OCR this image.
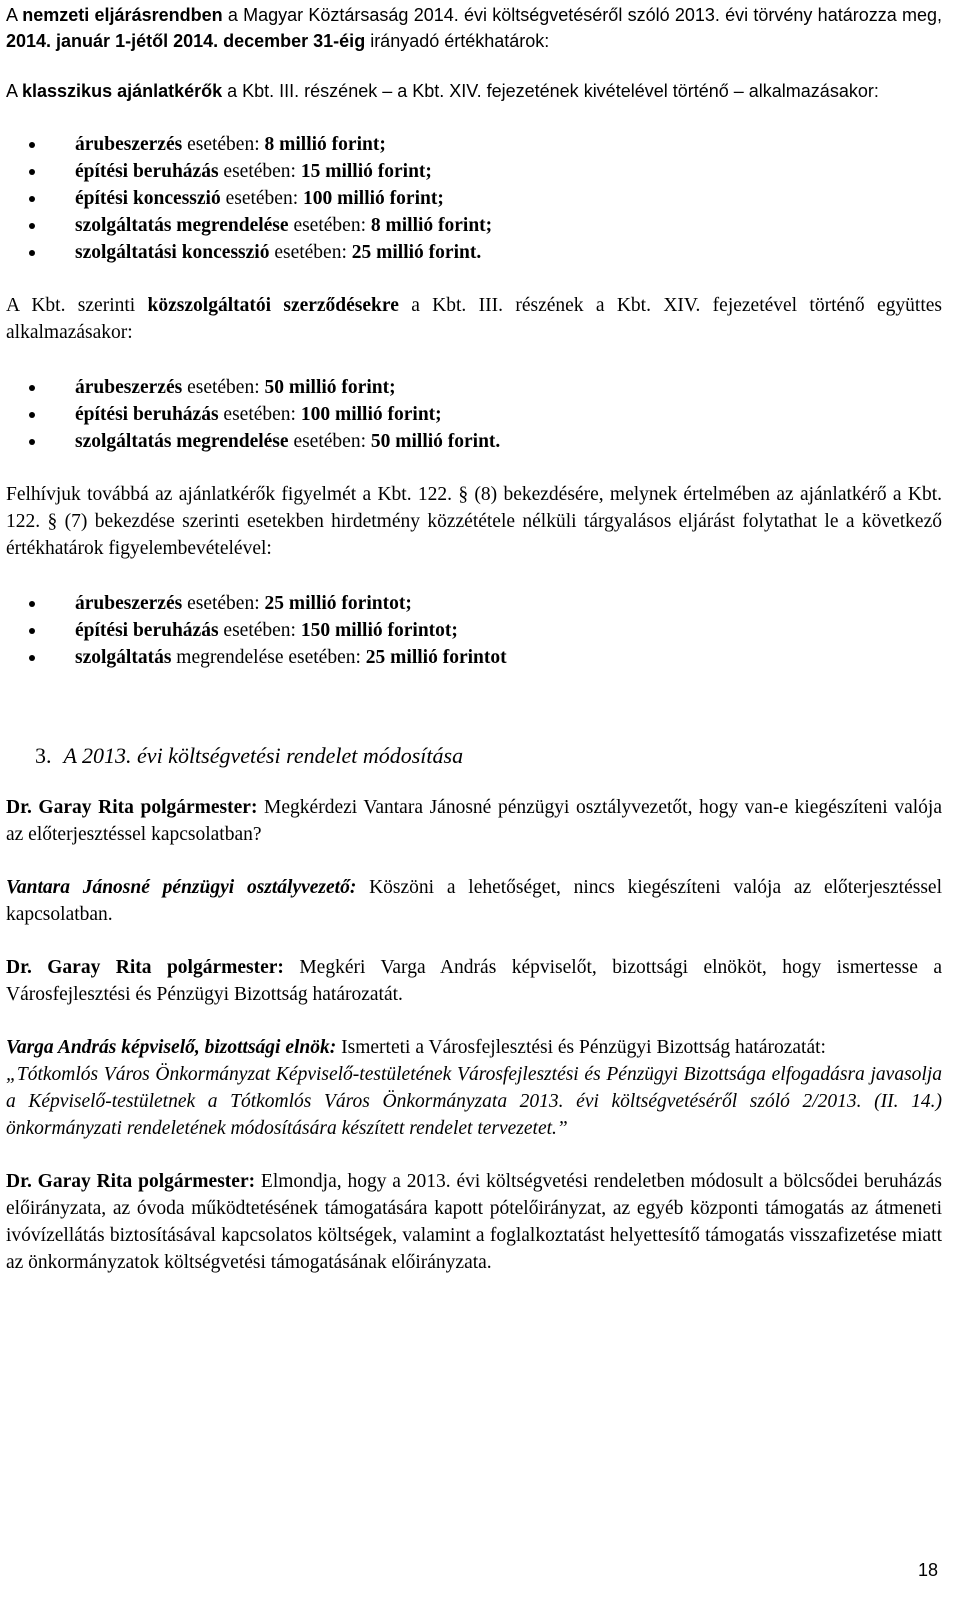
A nemzeti eljárásrendben a Magyar Köztársaság 2014. évi költségvetéséről szóló 2013. évi törvény határozza meg, 2014. január 1-jétől 2014. december 31-éig irányadó értékhatárok:

A klasszikus ajánlatkérők a Kbt. III. részének – a Kbt. XIV. fejezetének kivételével történő – alkalmazásakor:

árubeszerzés esetében: 8 millió forint;
építési beruházás esetében: 15 millió forint;
építési koncesszió esetében: 100 millió forint;
szolgáltatás megrendelése esetében: 8 millió forint;
szolgáltatási koncesszió esetében: 25 millió forint.

A Kbt. szerinti közszolgáltatói szerződésekre a Kbt. III. részének a Kbt. XIV. fejezetével történő együttes alkalmazásakor:

árubeszerzés esetében: 50 millió forint;
építési beruházás esetében: 100 millió forint;
szolgáltatás megrendelése esetében: 50 millió forint.

Felhívjuk továbbá az ajánlatkérők figyelmét a Kbt. 122. § (8) bekezdésére, melynek értelmében az ajánlatkérő a Kbt. 122. § (7) bekezdése szerinti esetekben hirdetmény közzététele nélküli tárgyalásos eljárást folytathat le a következő értékhatárok figyelembevételével:

árubeszerzés esetében: 25 millió forintot;
építési beruházás esetében: 150 millió forintot;
szolgáltatás megrendelése esetében: 25 millió forintot

3. A 2013. évi költségvetési rendelet módosítása

Dr. Garay Rita polgármester: Megkérdezi Vantara Jánosné pénzügyi osztályvezetőt, hogy van-e kiegészíteni valója az előterjesztéssel kapcsolatban?

Vantara Jánosné pénzügyi osztályvezető: Köszöni a lehetőséget, nincs kiegészíteni valója az előterjesztéssel kapcsolatban.

Dr. Garay Rita polgármester: Megkéri Varga András képviselőt, bizottsági elnököt, hogy ismertesse a Városfejlesztési és Pénzügyi Bizottság határozatát.

Varga András képviselő, bizottsági elnök: Ismerteti a Városfejlesztési és Pénzügyi Bizottság határozatát:

„Tótkomlós Város Önkormányzat Képviselő-testületének Városfejlesztési és Pénzügyi Bizottsága elfogadásra javasolja a Képviselő-testületnek a Tótkomlós Város Önkormányzata 2013. évi költségvetéséről szóló 2/2013. (II. 14.) önkormányzati rendeletének módosítására készített rendelet tervezetet.”

Dr. Garay Rita polgármester: Elmondja, hogy a 2013. évi költségvetési rendeletben módosult a bölcsődei beruházás előirányzata, az óvoda működtetésének támogatására kapott pótelőirányzat, az egyéb központi támogatás az átmeneti ivóvízellátás biztosításával kapcsolatos költségek, valamint a foglalkoztatást helyettesítő támogatás visszafizetése miatt az önkormányzatok költségvetési támogatásának előirányzata.

18
